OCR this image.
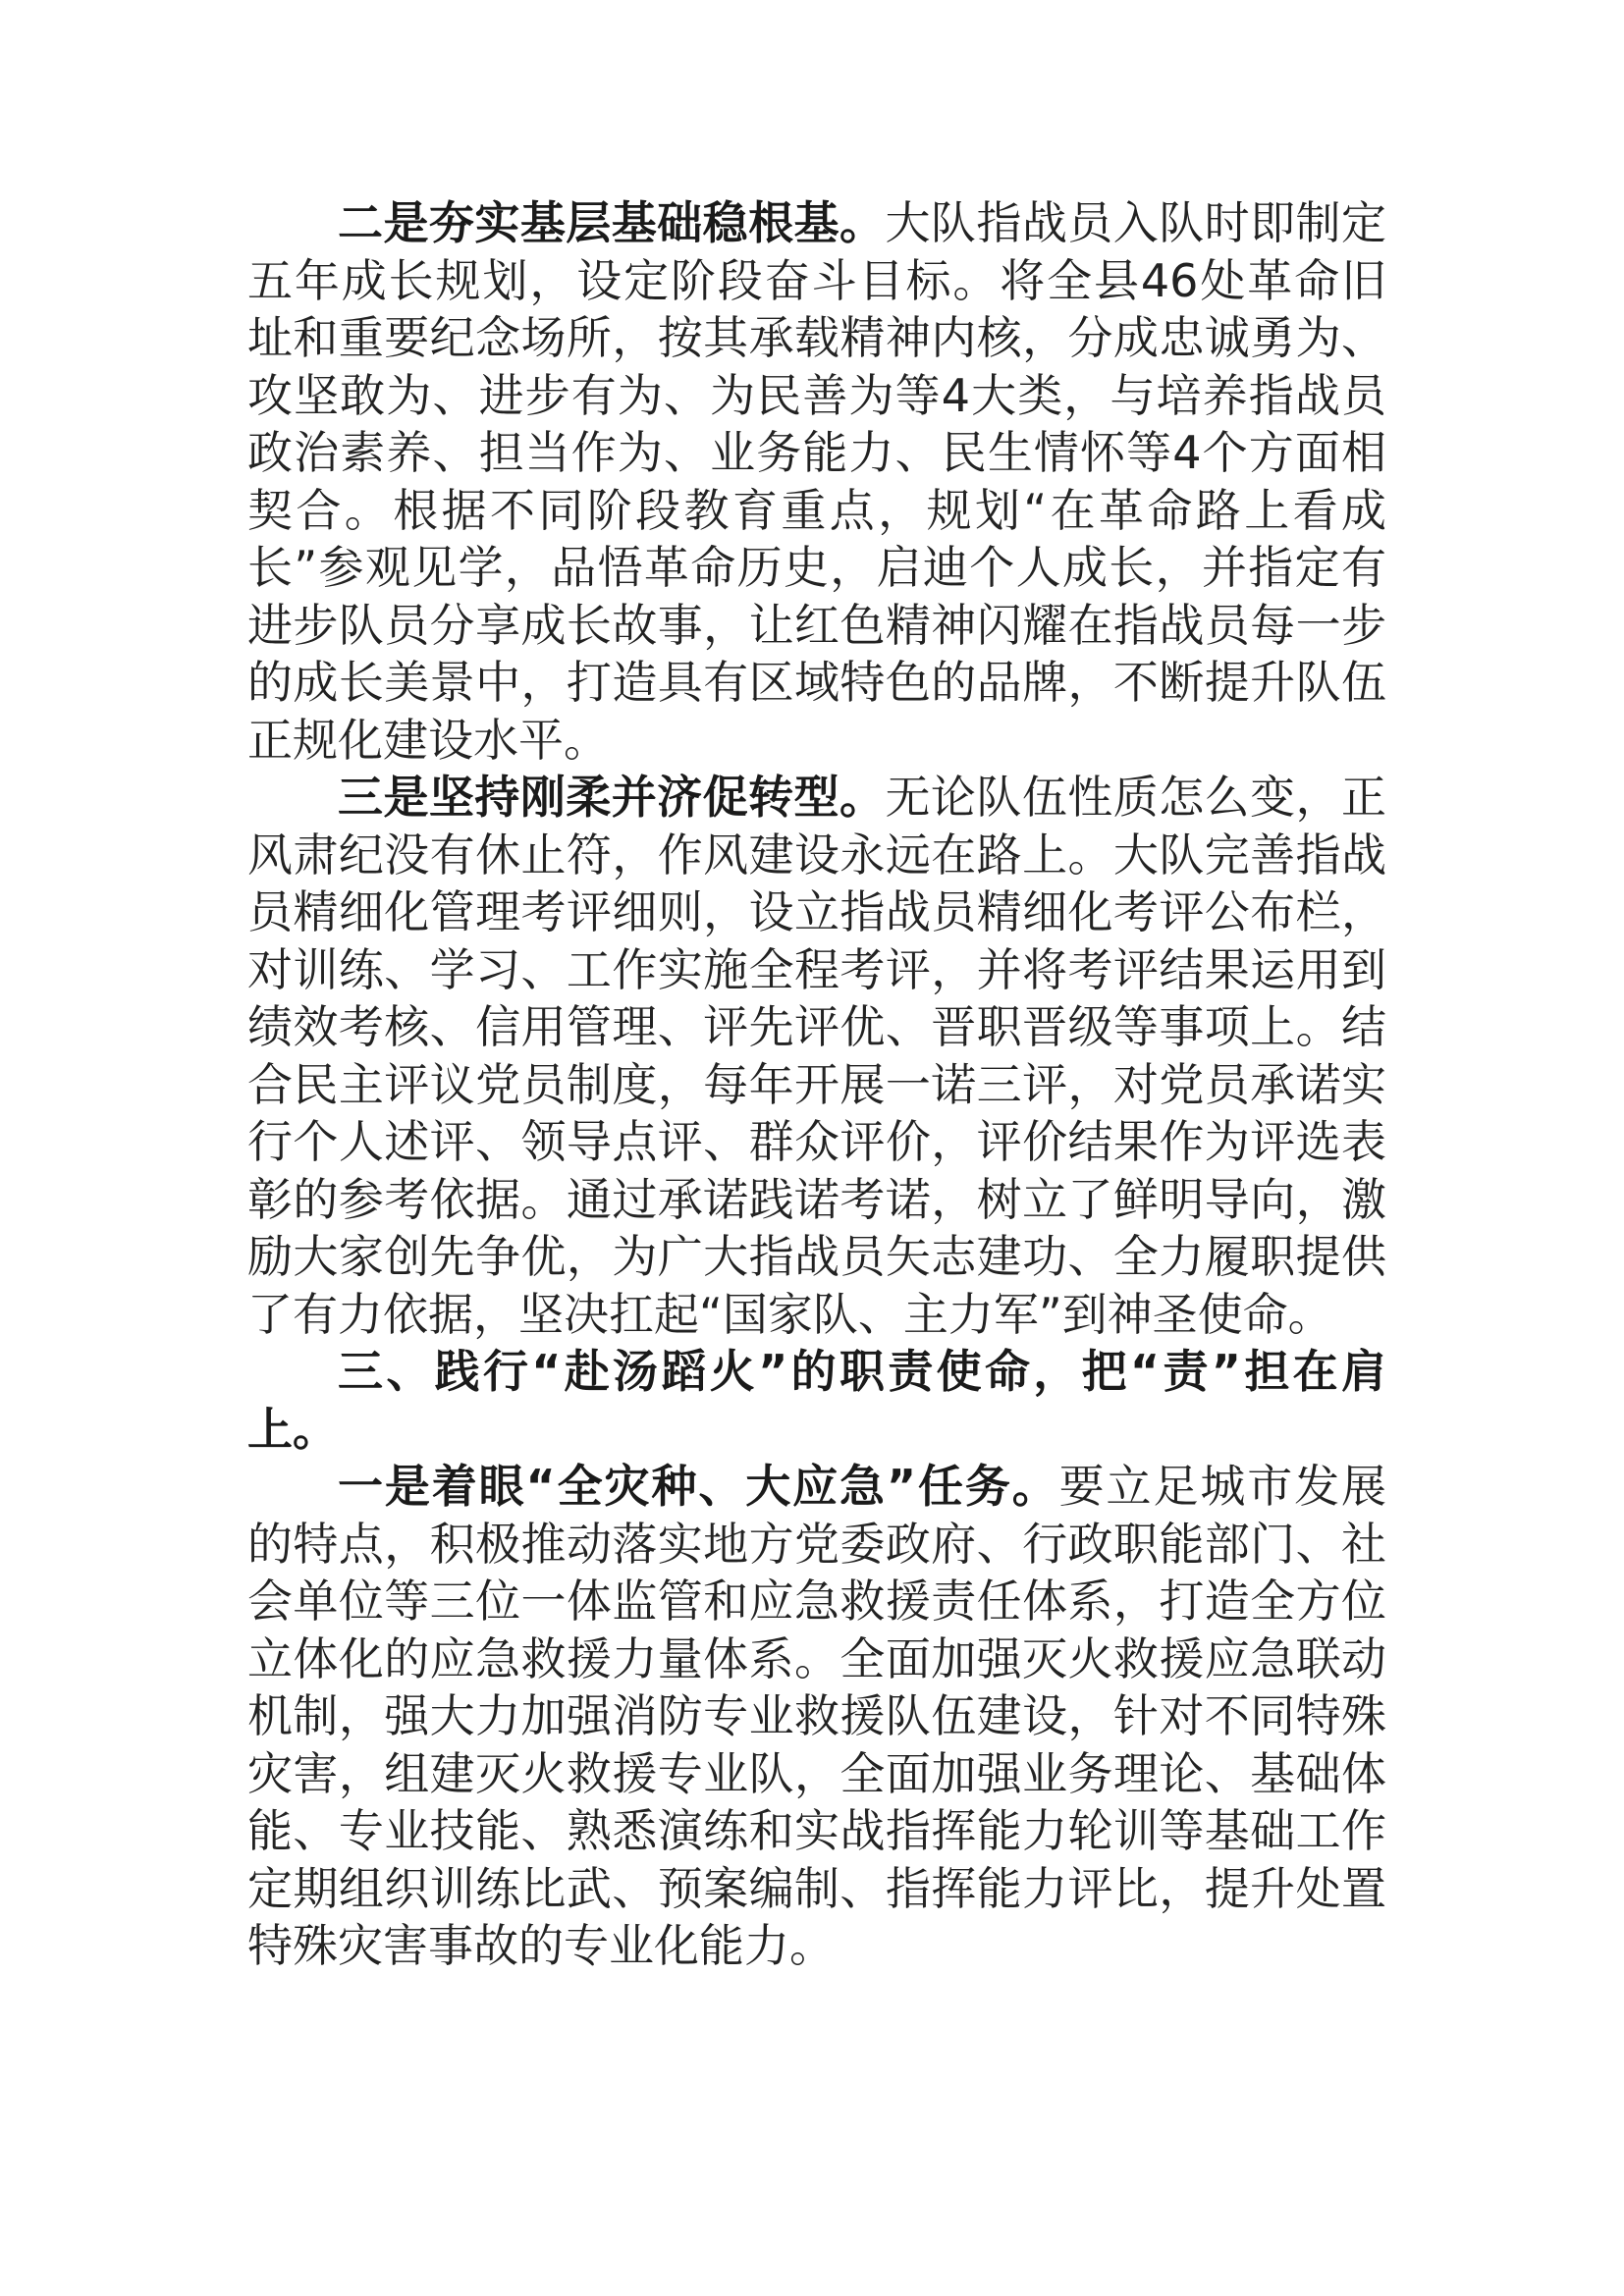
二是夯实基层基础稳根基。大队指战员入队时即制定五年成长规划，设定阶段奋斗目标。将全县46处革命旧址和重要纪念场所，按其承载精神内核，分成忠诚勇为、攻坚敢为、进步有为、为民善为等4大类，与培养指战员政治素养、担当作为、业务能力、民生情怀等4个方面相契合。根据不同阶段教育重点，规划“在革命路上看成长”参观见学，品悟革命历史，启迪个人成长，并指定有进步队员分享成长故事，让红色精神闪耀在指战员每一步的成长美景中，打造具有区域特色的品牌，不断提升队伍正规化建设水平。

三是坚持刚柔并济促转型。无论队伍性质怎么变，正风肃纪没有休止符，作风建设永远在路上。大队完善指战员精细化管理考评细则，设立指战员精细化考评公布栏，对训练、学习、工作实施全程考评，并将考评结果运用到绩效考核、信用管理、评先评优、晋职晋级等事项上。结合民主评议党员制度，每年开展一诺三评，对党员承诺实行个人述评、领导点评、群众评价，评价结果作为评选表彰的参考依据。通过承诺践诺考诺，树立了鲜明导向，激励大家创先争优，为广大指战员矢志建功、全力履职提供了有力依据，坚决扛起“国家队、主力军”到神圣使命。

三、践行“赴汤蹈火”的职责使命，把“责”担在肩上。

一是着眼“全灾种、大应急”任务。要立足城市发展的特点，积极推动落实地方党委政府、行政职能部门、社会单位等三位一体监管和应急救援责任体系，打造全方位立体化的应急救援力量体系。全面加强灭火救援应急联动机制，强大力加强消防专业救援队伍建设，针对不同特殊灾害，组建灭火救援专业队，全面加强业务理论、基础体能、专业技能、熟悉演练和实战指挥能力轮训等基础工作定期组织训练比武、预案编制、指挥能力评比，提升处置特殊灾害事故的专业化能力。
